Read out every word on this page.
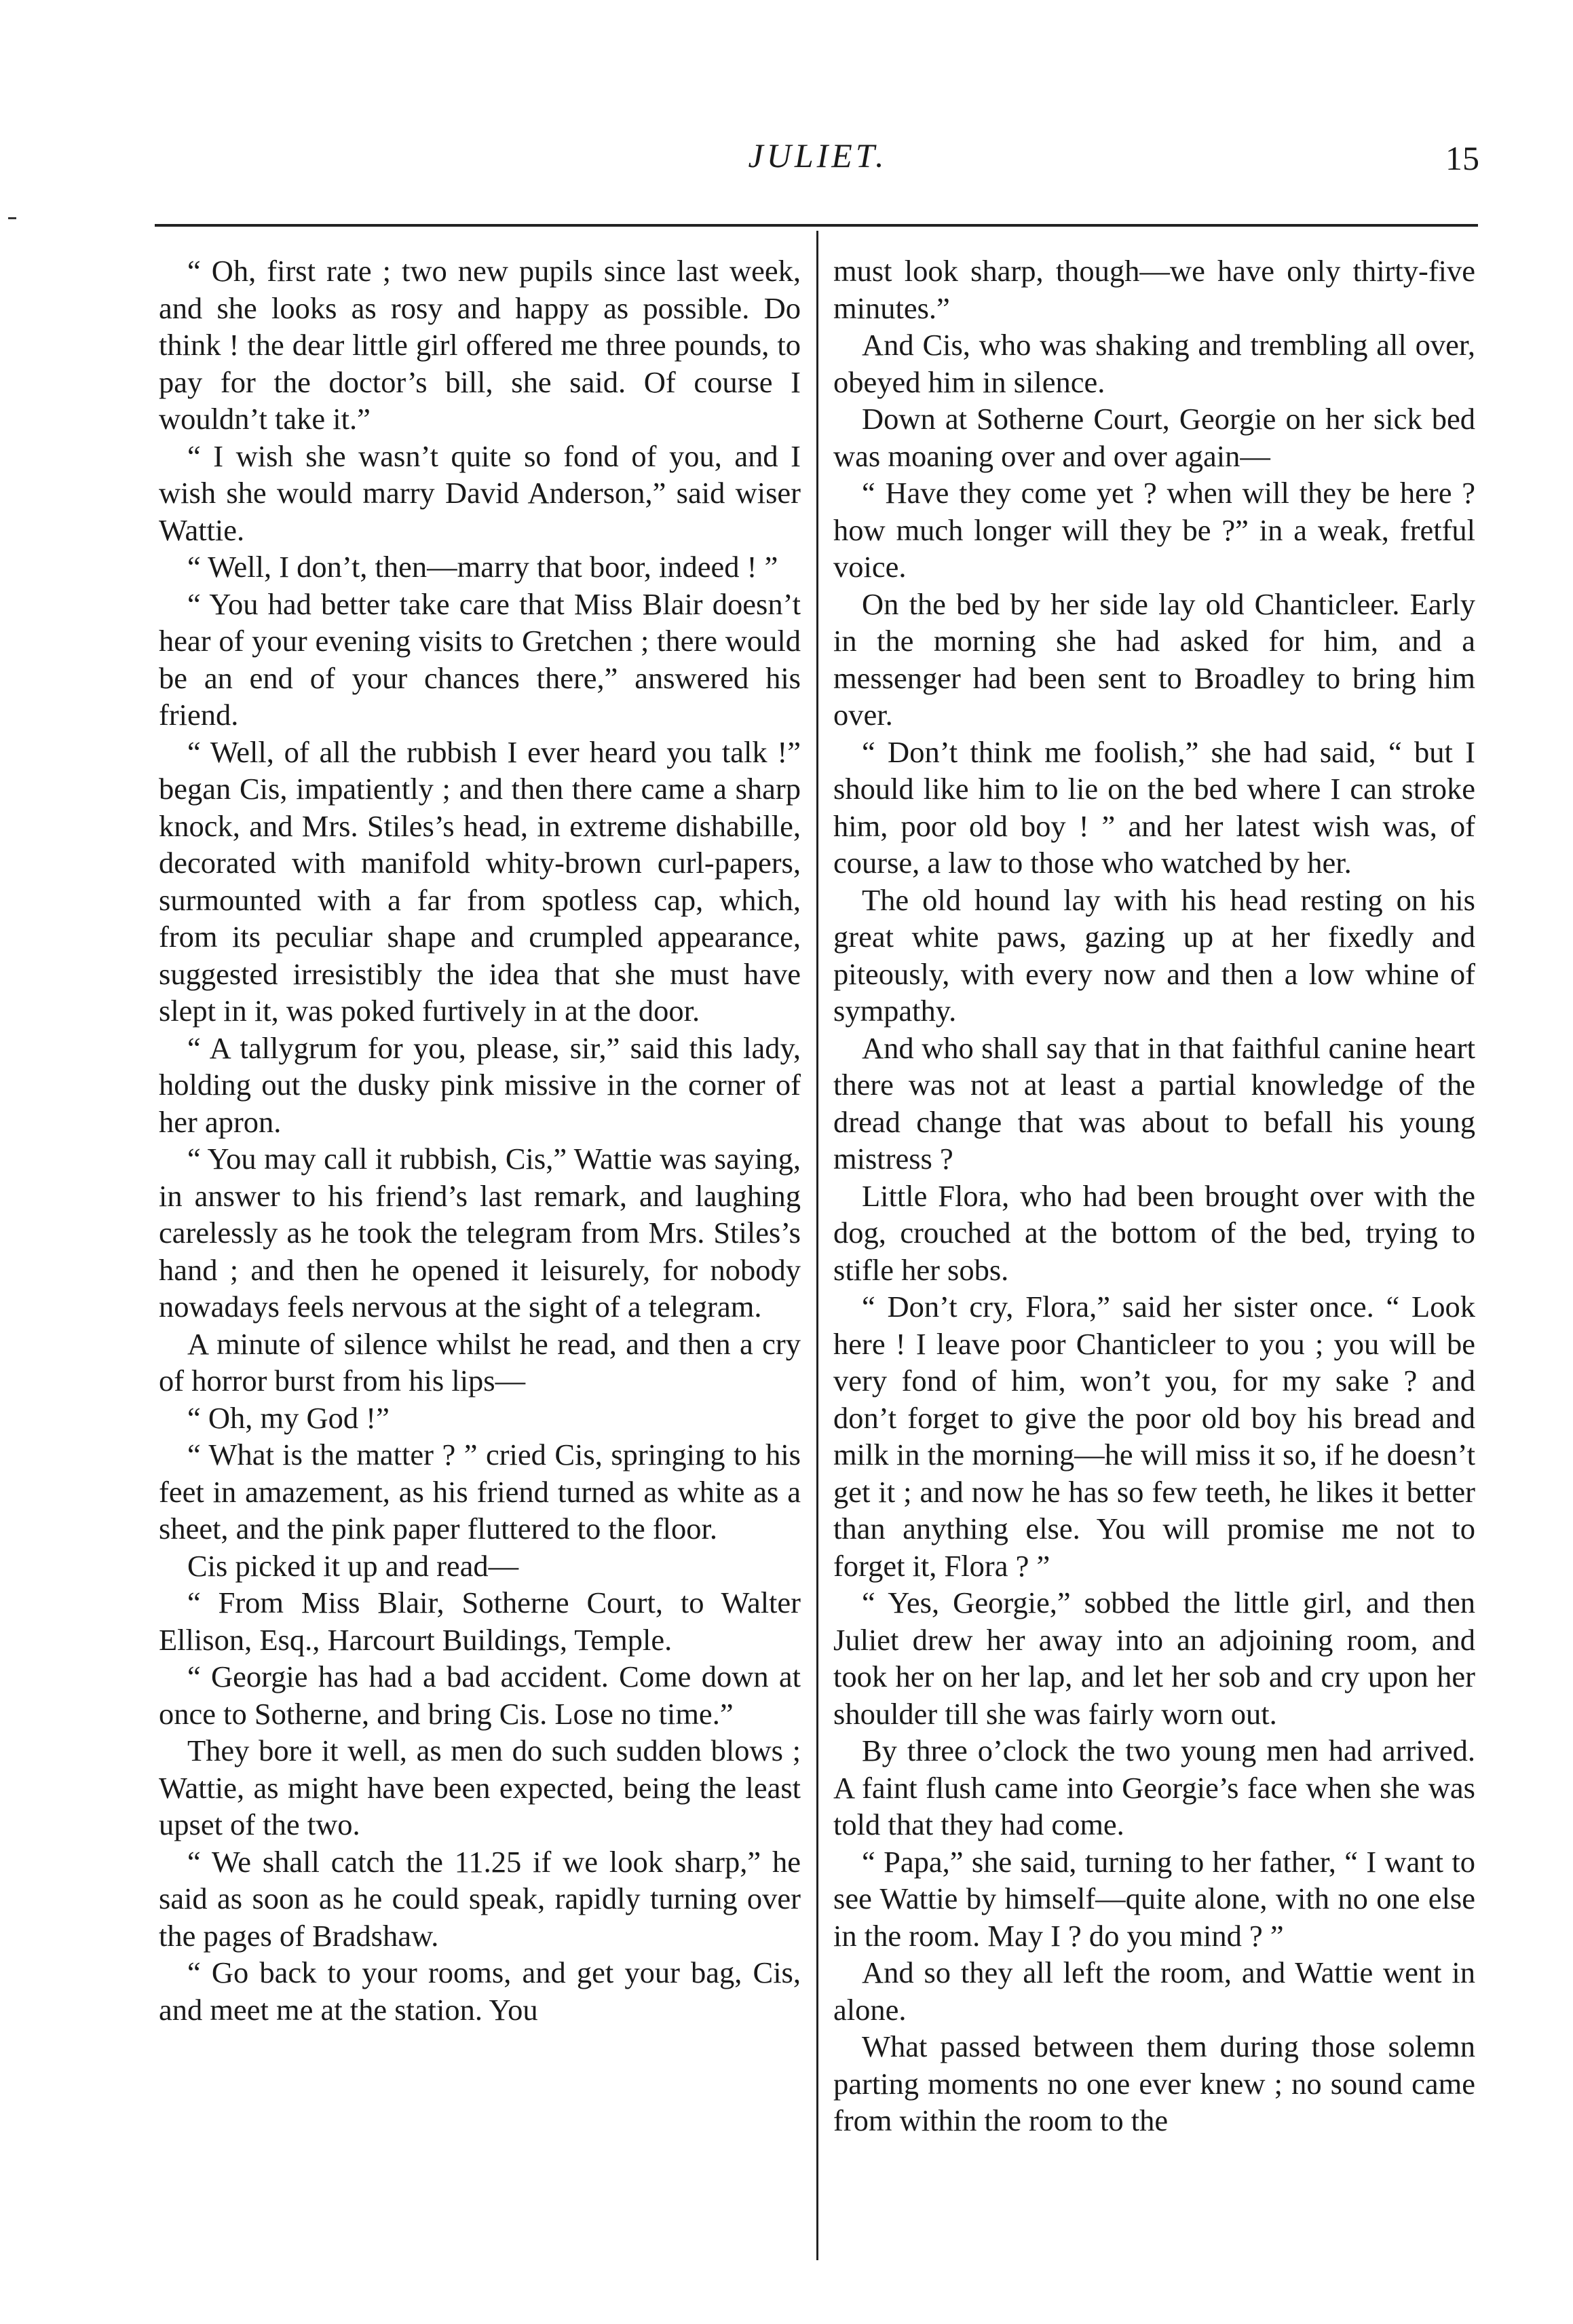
JULIET.	15

“ Oh, first rate ; two new pupils since last week, and she looks as rosy and happy as possible. Do think ! the dear little girl offered me three pounds, to pay for the doctor’s bill, she said. Of course I wouldn’t take it.”

“ I wish she wasn’t quite so fond of you, and I wish she would marry David Anderson,” said wiser Wattie.

“ Well, I don’t, then—marry that boor, indeed ! ”

“ You had better take care that Miss Blair doesn’t hear of your evening visits to Gretchen ; there would be an end of your chances there,” answered his friend.

“ Well, of all the rubbish I ever heard you talk !” began Cis, impatiently ; and then there came a sharp knock, and Mrs. Stiles’s head, in extreme dishabille, decorated with manifold whity-brown curl-papers, surmounted with a far from spotless cap, which, from its peculiar shape and crumpled appearance, suggested irresistibly the idea that she must have slept in it, was poked furtively in at the door.

“ A tallygrum for you, please, sir,” said this lady, holding out the dusky pink missive in the corner of her apron.

“ You may call it rubbish, Cis,” Wattie was saying, in answer to his friend’s last remark, and laughing carelessly as he took the telegram from Mrs. Stiles’s hand ; and then he opened it leisurely, for nobody nowadays feels nervous at the sight of a telegram.

A minute of silence whilst he read, and then a cry of horror burst from his lips—

“ Oh, my God !”

“ What is the matter ? ” cried Cis, springing to his feet in amazement, as his friend turned as white as a sheet, and the pink paper fluttered to the floor.

Cis picked it up and read—

“ From Miss Blair, Sotherne Court, to Walter Ellison, Esq., Harcourt Buildings, Temple.

“ Georgie has had a bad accident. Come down at once to Sotherne, and bring Cis. Lose no time.”

They bore it well, as men do such sudden blows ; Wattie, as might have been expected, being the least upset of the two.

“ We shall catch the 11.25 if we look sharp,” he said as soon as he could speak, rapidly turning over the pages of Bradshaw.

“ Go back to your rooms, and get your bag, Cis, and meet me at the station. You

must look sharp, though—we have only thirty-five minutes.”

And Cis, who was shaking and trembling all over, obeyed him in silence.

Down at Sotherne Court, Georgie on her sick bed was moaning over and over again—

“ Have they come yet ? when will they be here ? how much longer will they be ?” in a weak, fretful voice.

On the bed by her side lay old Chanticleer. Early in the morning she had asked for him, and a messenger had been sent to Broadley to bring him over.

“ Don’t think me foolish,” she had said, “ but I should like him to lie on the bed where I can stroke him, poor old boy ! ” and her latest wish was, of course, a law to those who watched by her.

The old hound lay with his head resting on his great white paws, gazing up at her fixedly and piteously, with every now and then a low whine of sympathy.

And who shall say that in that faithful canine heart there was not at least a partial knowledge of the dread change that was about to befall his young mistress ?

Little Flora, who had been brought over with the dog, crouched at the bottom of the bed, trying to stifle her sobs.

“ Don’t cry, Flora,” said her sister once. “ Look here ! I leave poor Chanticleer to you ; you will be very fond of him, won’t you, for my sake ? and don’t forget to give the poor old boy his bread and milk in the morning—he will miss it so, if he doesn’t get it ; and now he has so few teeth, he likes it better than anything else. You will promise me not to forget it, Flora ? ”

“ Yes, Georgie,” sobbed the little girl, and then Juliet drew her away into an adjoining room, and took her on her lap, and let her sob and cry upon her shoulder till she was fairly worn out.

By three o’clock the two young men had arrived. A faint flush came into Georgie’s face when she was told that they had come.

“ Papa,” she said, turning to her father, “ I want to see Wattie by himself—quite alone, with no one else in the room. May I ? do you mind ? ”

And so they all left the room, and Wattie went in alone.

What passed between them during those solemn parting moments no one ever knew ; no sound came from within the room to the
